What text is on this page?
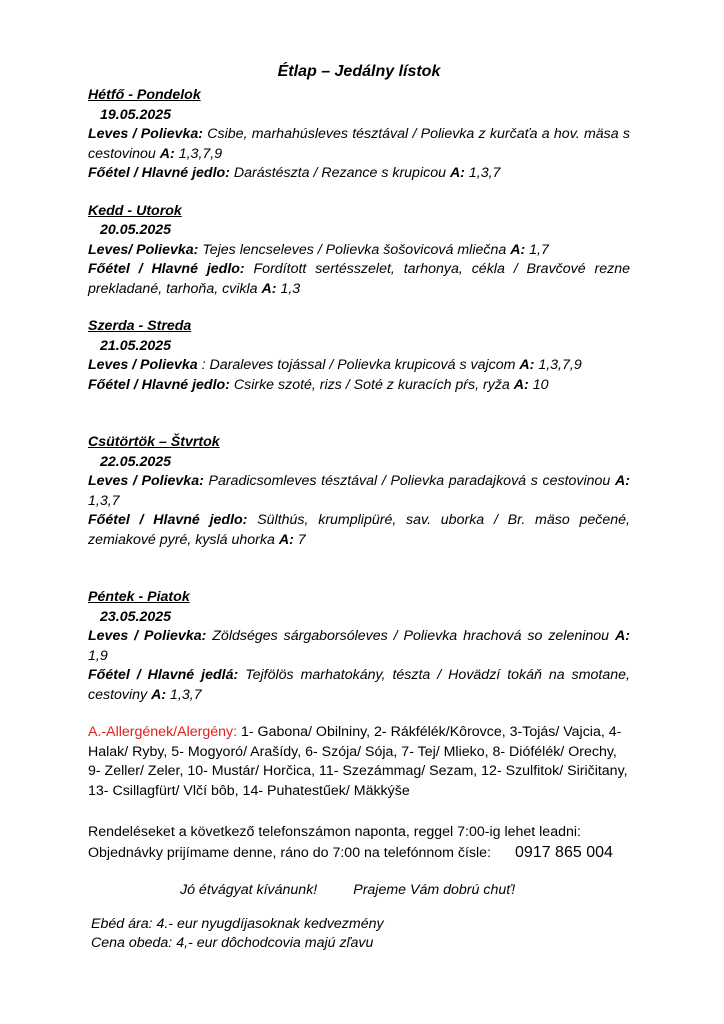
Étlap – Jedálny lístok

Hétfő - Pondelok

19.05.2025

Leves / Polievka: Csibe, marhahúsleves tésztával / Polievka z kurčaťa a hov. mäsa s cestovinou A: 1,3,7,9

Főétel / Hlavné jedlo: Darástészta / Rezance s krupicou A: 1,3,7

Kedd - Utorok

20.05.2025

Leves/ Polievka: Tejes lencseleves / Polievka šošovicová mliečna A: 1,7

Főétel / Hlavné jedlo: Fordított sertésszelet, tarhonya, cékla / Bravčové rezne prekladané, tarhoňa, cvikla A: 1,3

Szerda - Streda

21.05.2025

Leves / Polievka : Daraleves tojással / Polievka krupicová s vajcom A: 1,3,7,9

Főétel / Hlavné jedlo: Csirke szoté, rizs / Soté z kuracích pŕs, ryža A: 10

Csütörtök – Štvrtok

22.05.2025

Leves / Polievka: Paradicsomleves tésztával / Polievka paradajková s cestovinou A: 1,3,7

Főétel / Hlavné jedlo: Sülthús, krumplipüré, sav. uborka / Br. mäso pečené, zemiakové pyré, kyslá uhorka A: 7

Péntek - Piatok

23.05.2025

Leves / Polievka: Zöldséges sárgaborsóleves / Polievka hrachová so zeleninou A: 1,9

Főétel / Hlavné jedlá: Tejfölös marhatokány, tészta / Hovädzí tokáň na smotane, cestoviny A: 1,3,7

A.-Allergének/Alergény: 1- Gabona/ Obilniny, 2- Rákfélék/Kôrovce, 3-Tojás/ Vajcia, 4- Halak/ Ryby, 5- Mogyoró/ Arašídy, 6- Szója/ Sója, 7- Tej/ Mlieko, 8- Diófélék/ Orechy, 9- Zeller/ Zeler, 10- Mustár/ Horčica, 11- Szezámmag/ Sezam, 12- Szulfitok/ Siričitany, 13- Csillagfürt/ Vlčí bôb, 14- Puhatestűek/ Mäkkýše

Rendeléseket a következő telefonszámon naponta, reggel 7:00-ig lehet leadni:

Objednávky prijímame denne, ráno do 7:00 na telefónnom čísle: 0917 865 004

Jó étvágyat kívánunk!	Prajeme Vám dobrú chuť!

Ebéd ára: 4.- eur nyugdíjasoknak kedvezmény

Cena obeda: 4,- eur dôchodcovia majú zľavu
